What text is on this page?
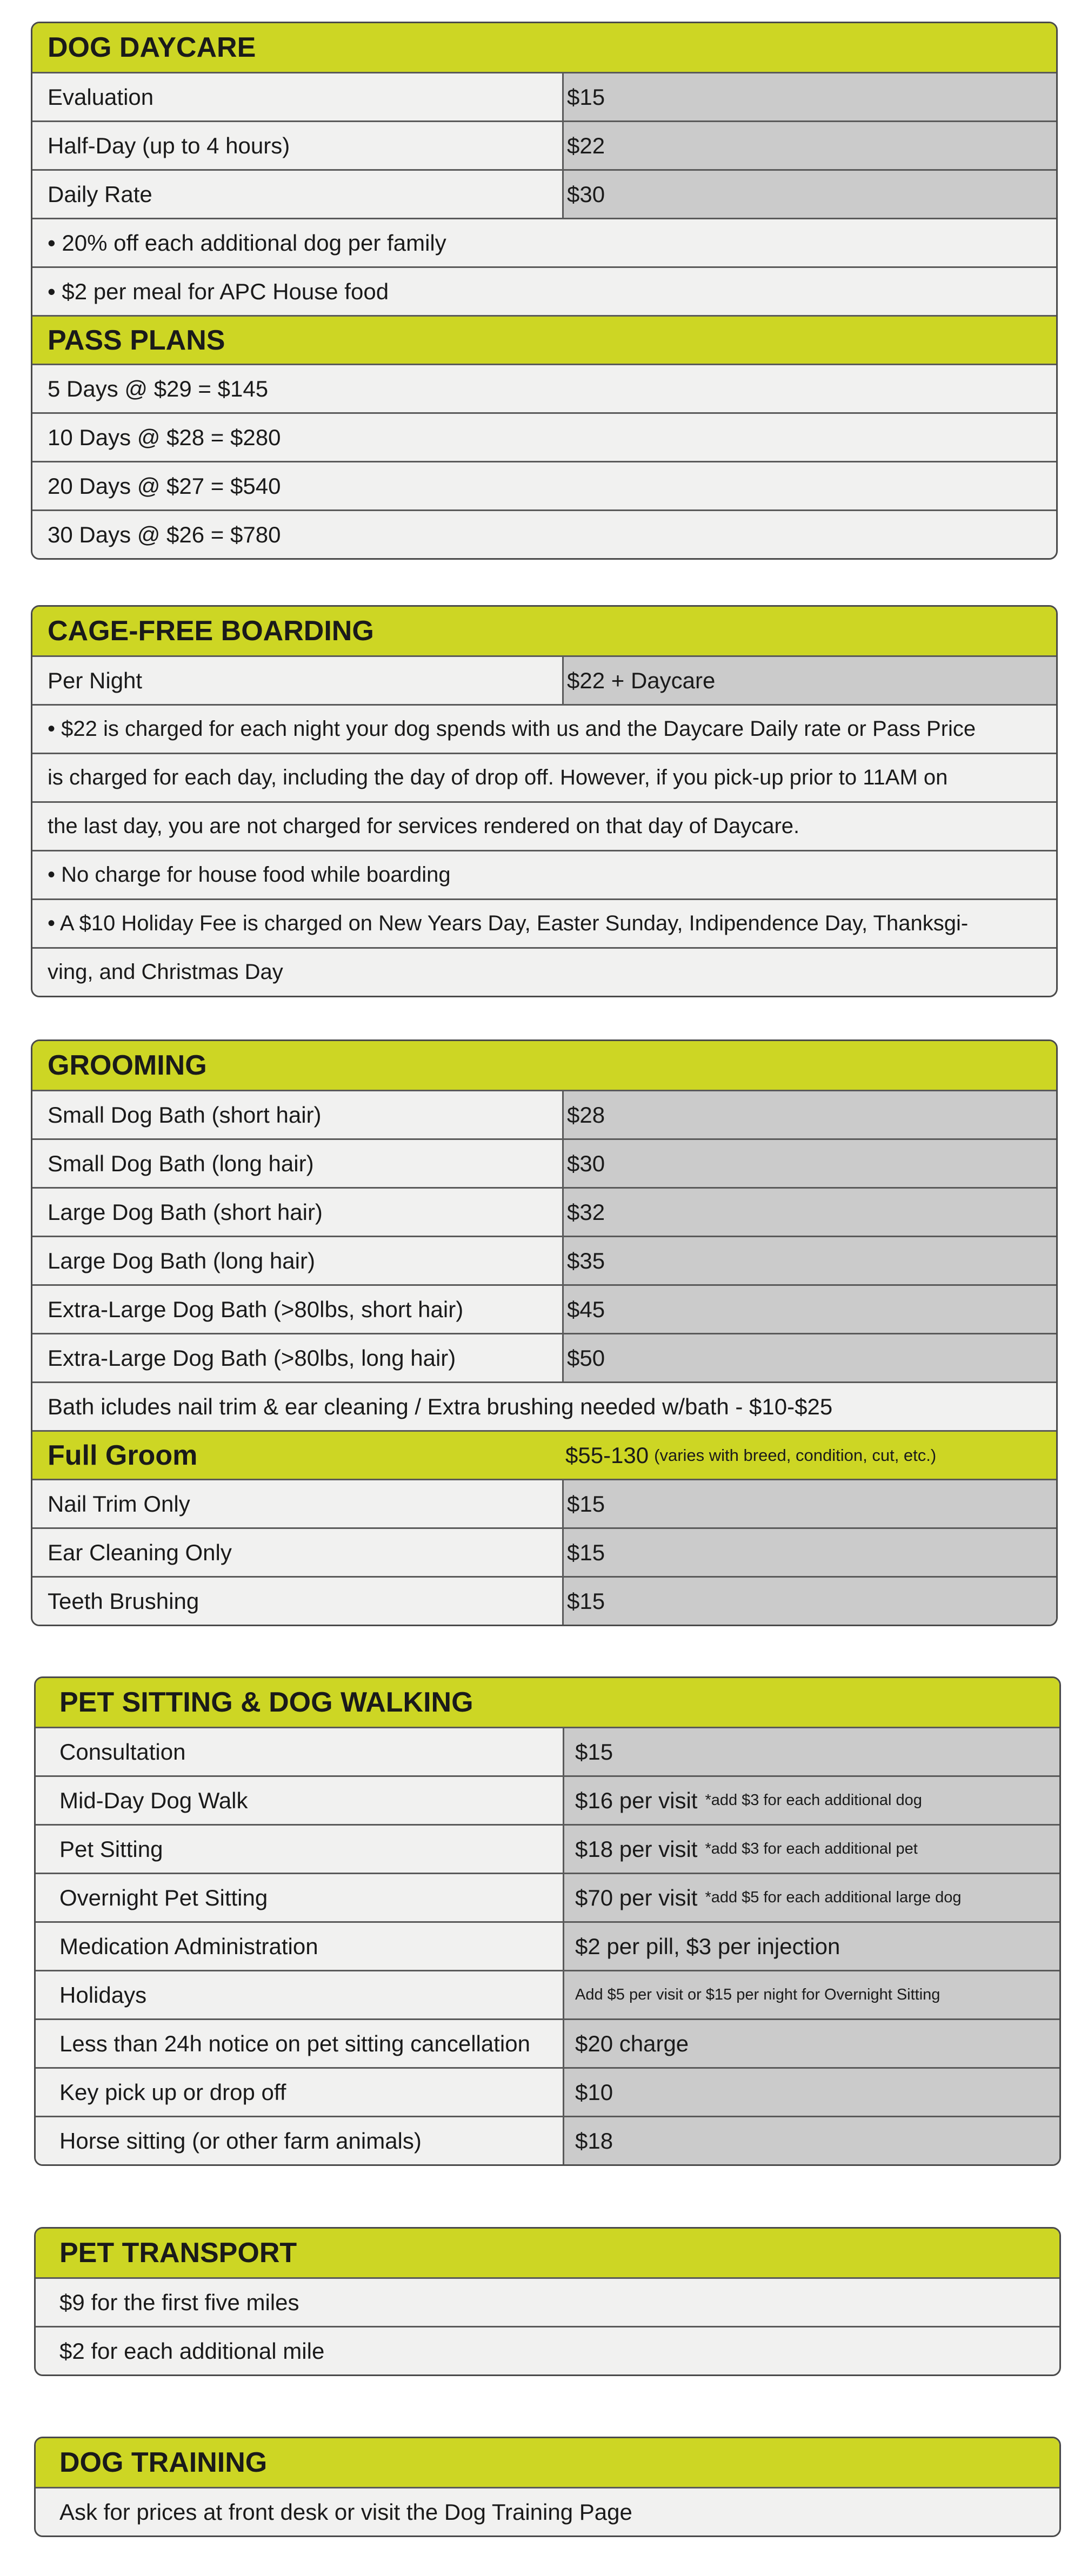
DOG DAYCARE
Evaluation	$15
Half-Day (up to 4 hours)	$22
Daily Rate	$30
• 20% off each additional dog per family
• $2 per meal for APC House food
PASS PLANS
5 Days @ $29 = $145
10 Days @ $28 = $280
20 Days @ $27 = $540
30 Days @ $26 = $780
CAGE-FREE BOARDING
Per Night	$22 + Daycare
• $22 is charged for each night your dog spends with us and the Daycare Daily rate or Pass Price
is charged for each day, including the day of drop off. However, if you pick-up prior to 11AM on
the last day, you are not charged for services rendered on that day of Daycare.
• No charge for house food while boarding
• A $10 Holiday Fee is charged on New Years Day, Easter Sunday, Indipendence Day, Thanksgi-
ving, and Christmas Day
GROOMING
Small Dog Bath (short hair)	$28
Small Dog Bath (long hair)	$30
Large Dog Bath (short hair)	$32
Large Dog Bath (long hair)	$35
Extra-Large Dog Bath (>80lbs, short hair)	$45
Extra-Large Dog Bath (>80lbs, long hair)	$50
Bath icludes nail trim & ear cleaning / Extra brushing needed w/bath - $10-$25
Full Groom	$55-130 (varies with breed, condition, cut, etc.)
Nail Trim Only	$15
Ear Cleaning Only	$15
Teeth Brushing	$15
PET SITTING & DOG WALKING
Consultation	$15
Mid-Day Dog Walk	$16 per visit *add $3 for each additional dog
Pet Sitting	$18 per visit *add $3 for each additional pet
Overnight Pet Sitting	$70 per visit *add $5 for each additional large dog
Medication Administration	$2 per pill, $3 per injection
Holidays	Add $5 per visit or $15 per night for Overnight Sitting
Less than 24h notice on pet sitting cancellation	$20 charge
Key pick up or drop off	$10
Horse sitting (or other farm animals)	$18
PET TRANSPORT
$9 for the first five miles
$2 for each additional mile
DOG TRAINING
Ask for prices at front desk or visit the Dog Training Page
